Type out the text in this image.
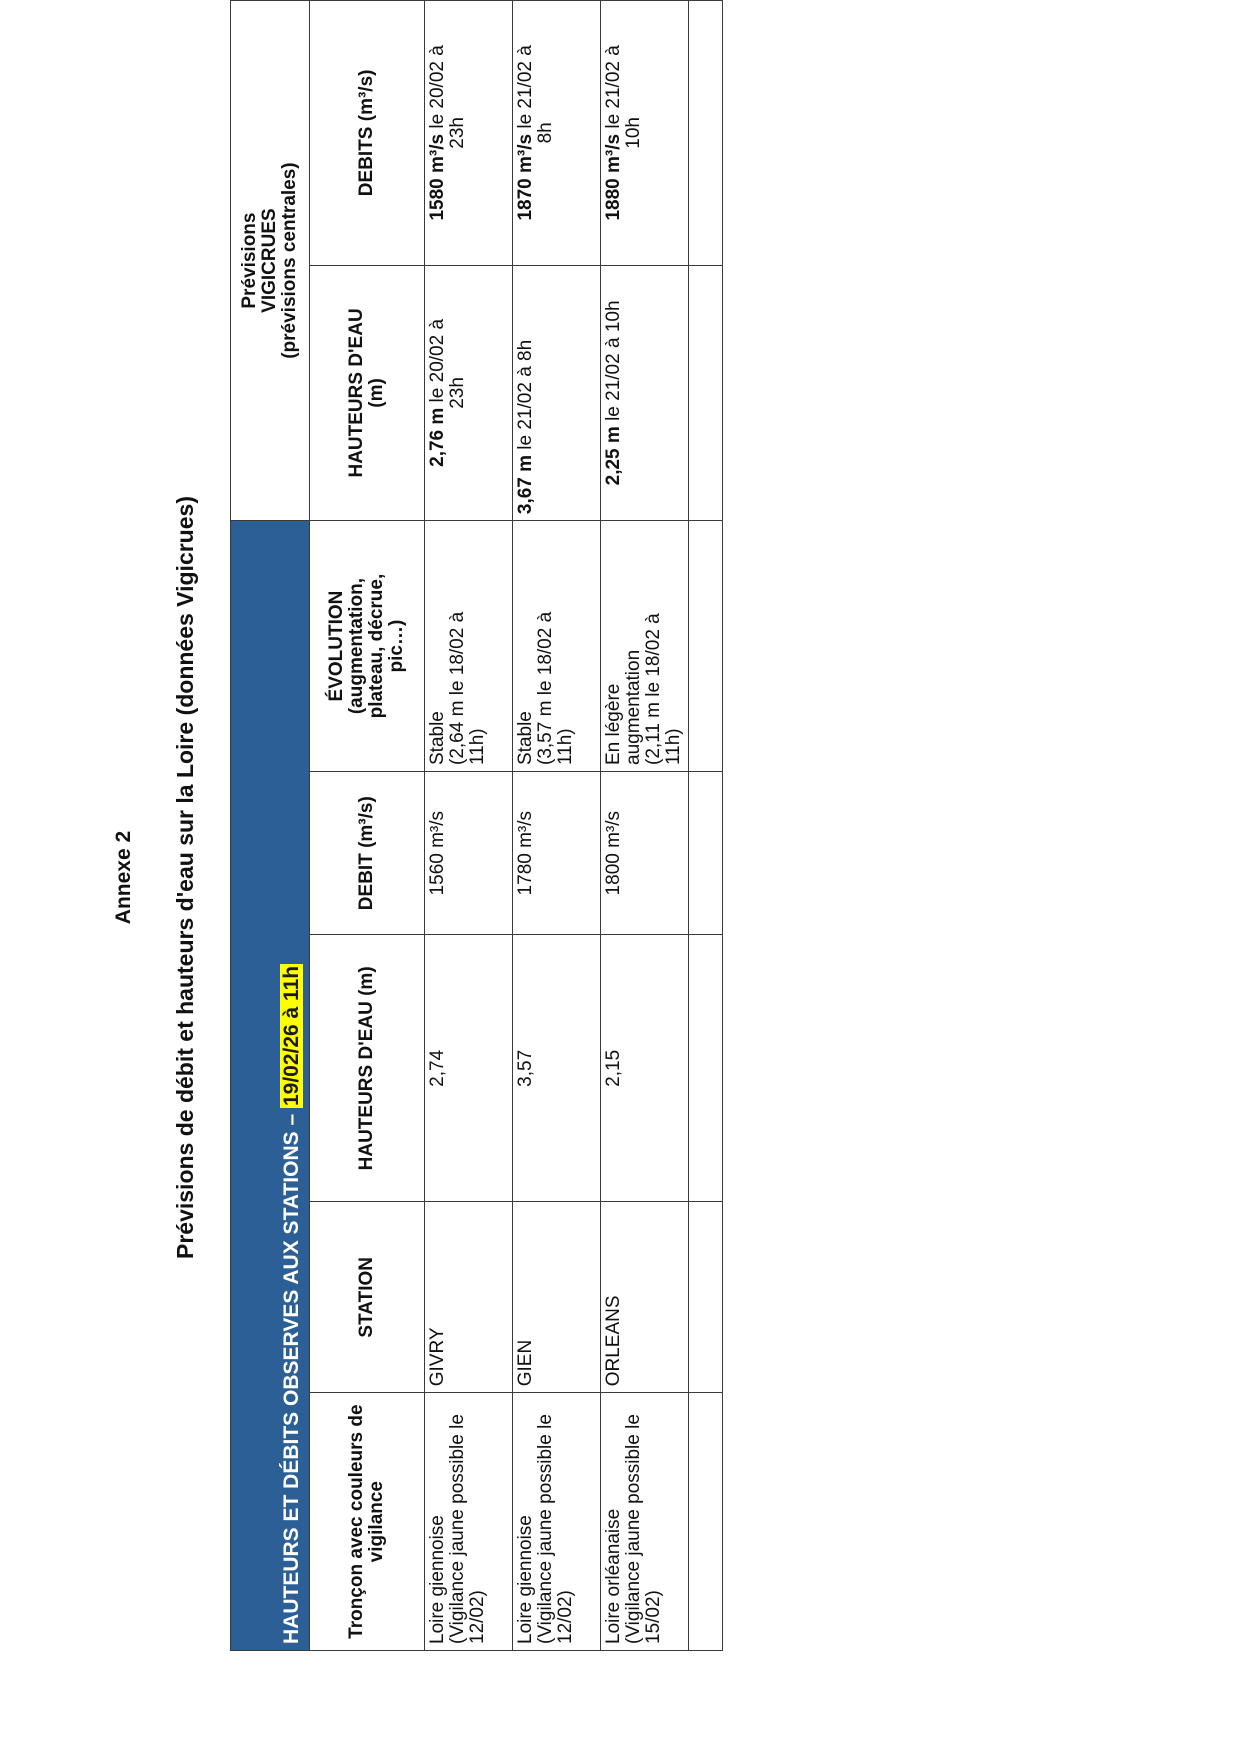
Annexe 2 Prévisions de débit et hauteurs d'eau sur la Loire (données Vigicrues)

HAUTEURS ET DÉBITS OBSERVES AUX STATIONS – 19/02/26 à 11h					Prévisions
VIGICRUES
(prévisions centrales)	

Tronçon avec couleurs de vigilance	STATION	HAUTEURS D'EAU (m)	DEBIT (m³/s)	ÉVOLUTION
(augmentation,
plateau, décrue,
pic…)	HAUTEURS D'EAU
(m)	DEBITS (m³/s)

Loire giennoise
(Vigilance jaune possible le 12/02)	GIVRY	2,74	1560 m³/s	Stable
(2,64 m le 18/02 à
11h)	2,76 m le 20/02 à
23h	1580 m³/s le 20/02 à
23h

Loire giennoise
(Vigilance jaune possible le 12/02)	GIEN	3,57	1780 m³/s	Stable
(3,57 m le 18/02 à
11h)	3,67 m le 21/02 à 8h	1870 m³/s le 21/02 à
8h

Loire orléanaise
(Vigilance jaune possible le 15/02)	ORLEANS	2,15	1800 m³/s	En légère
augmentation
(2,11 m le 18/02 à
11h)	2,25 m le 21/02 à 10h	1880 m³/s le 21/02 à
10h
